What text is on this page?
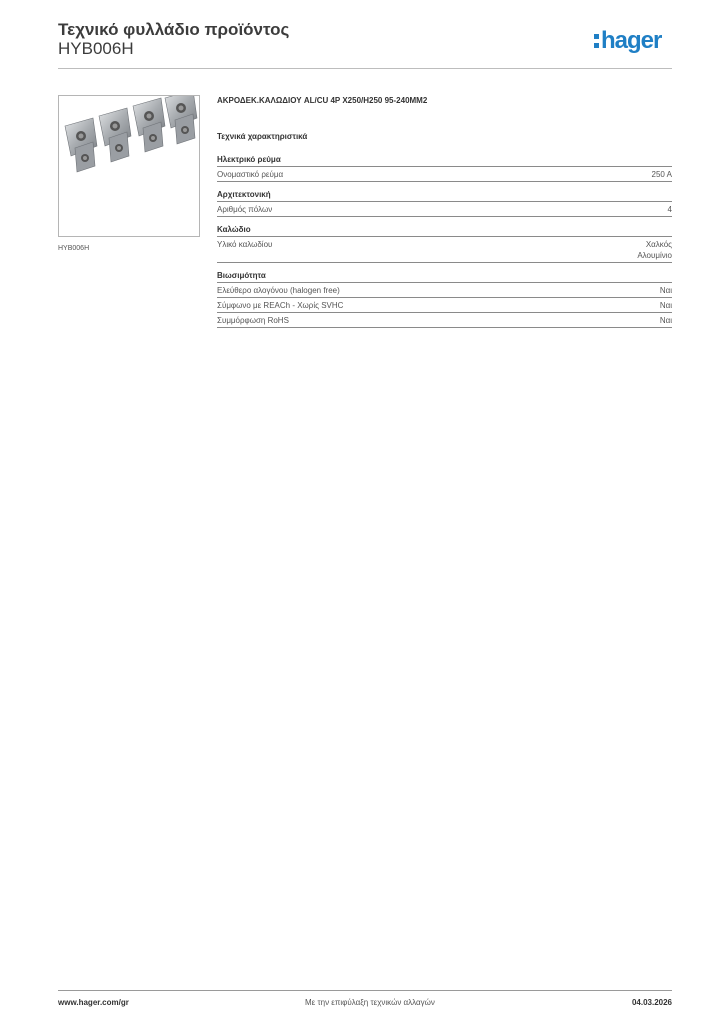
Τεχνικό φυλλάδιο προϊόντος
HYB006H	hager
HYB006H
ΑΚΡΟΔΕΚ.ΚΑΛΩΔΙΟΥ AL/CU 4P X250/H250 95-240MM2
Τεχνικά χαρακτηριστικά
Ηλεκτρικό ρεύμα
Ονομαστικό ρεύμα	250 A
Αρχιτεκτονική
Αριθμός πόλων	4
Καλώδιο
Υλικό καλωδίου	Χαλκός
Αλουμίνιο
Βιωσιμότητα
Ελεύθερο αλογόνου (halogen free)	Ναι
Σύμφωνο με REACh - Χωρίς SVHC	Ναι
Συμμόρφωση RoHS	Ναι
www.hager.com/gr	Με την επιφύλαξη τεχνικών αλλαγών	04.03.2026
